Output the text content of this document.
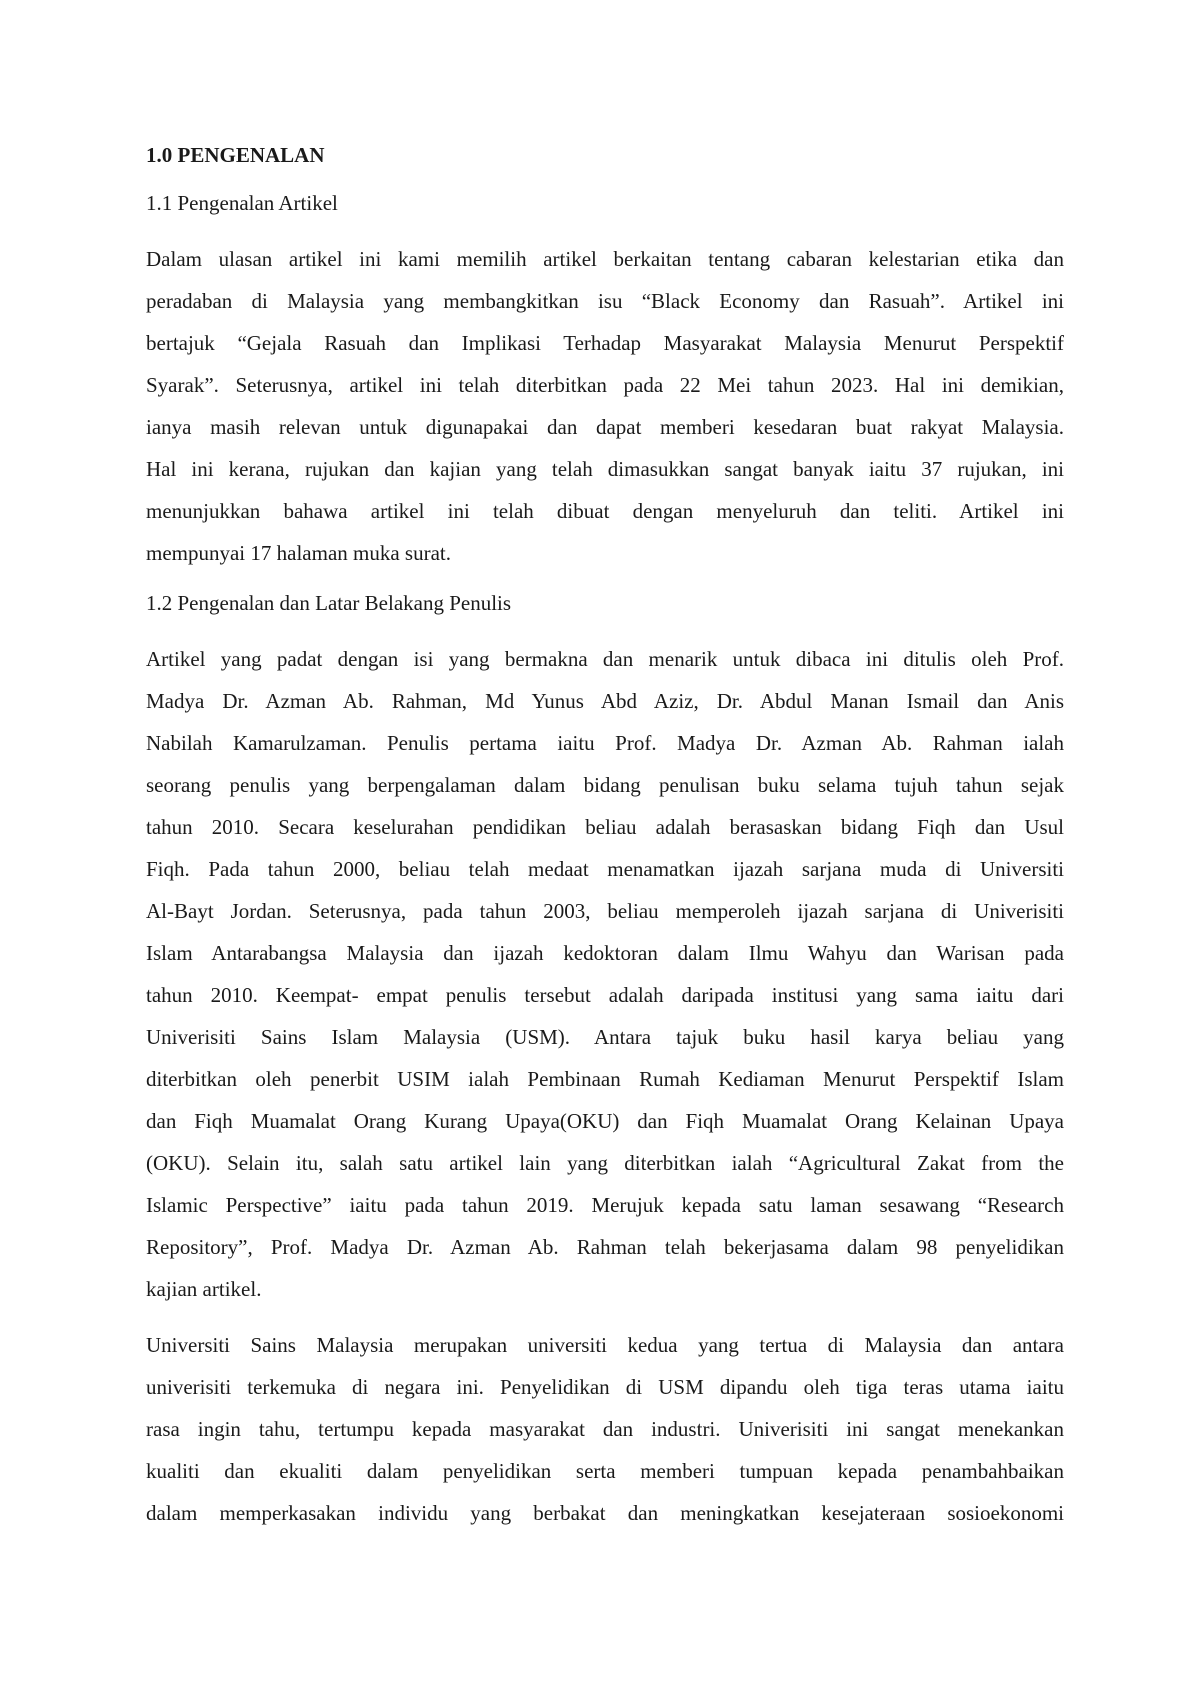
1.0 PENGENALAN
1.1 Pengenalan Artikel
Dalam ulasan artikel ini kami memilih artikel berkaitan tentang cabaran kelestarian etika dan
peradaban di Malaysia yang membangkitkan isu “Black Economy dan Rasuah”. Artikel ini
bertajuk “Gejala Rasuah dan Implikasi Terhadap Masyarakat Malaysia Menurut Perspektif
Syarak”. Seterusnya, artikel ini telah diterbitkan pada 22 Mei tahun 2023. Hal ini demikian,
ianya masih relevan untuk digunapakai dan dapat memberi kesedaran buat rakyat Malaysia.
Hal ini kerana, rujukan dan kajian yang telah dimasukkan sangat banyak iaitu 37 rujukan, ini
menunjukkan bahawa artikel ini telah dibuat dengan menyeluruh dan teliti. Artikel ini
mempunyai 17 halaman muka surat.
1.2 Pengenalan dan Latar Belakang Penulis
Artikel yang padat dengan isi yang bermakna dan menarik untuk dibaca ini ditulis oleh Prof.
Madya Dr. Azman Ab. Rahman, Md Yunus Abd Aziz, Dr. Abdul Manan Ismail dan Anis
Nabilah Kamarulzaman. Penulis pertama iaitu Prof. Madya Dr. Azman Ab. Rahman ialah
seorang penulis yang berpengalaman dalam bidang penulisan buku selama tujuh tahun sejak
tahun 2010. Secara keselurahan pendidikan beliau adalah berasaskan bidang Fiqh dan Usul
Fiqh. Pada tahun 2000, beliau telah medaat menamatkan ijazah sarjana muda di Universiti
Al-Bayt Jordan. Seterusnya, pada tahun 2003, beliau memperoleh ijazah sarjana di Univerisiti
Islam Antarabangsa Malaysia dan ijazah kedoktoran dalam Ilmu Wahyu dan Warisan pada
tahun 2010. Keempat- empat penulis tersebut adalah daripada institusi yang sama iaitu dari
Univerisiti Sains Islam Malaysia (USM). Antara tajuk buku hasil karya beliau yang
diterbitkan oleh penerbit USIM ialah Pembinaan Rumah Kediaman Menurut Perspektif Islam
dan Fiqh Muamalat Orang Kurang Upaya(OKU) dan Fiqh Muamalat Orang Kelainan Upaya
(OKU). Selain itu, salah satu artikel lain yang diterbitkan ialah “Agricultural Zakat from the
Islamic Perspective” iaitu pada tahun 2019. Merujuk kepada satu laman sesawang “Research
Repository”, Prof. Madya Dr. Azman Ab. Rahman telah bekerjasama dalam 98 penyelidikan
kajian artikel.
Universiti Sains Malaysia merupakan universiti kedua yang tertua di Malaysia dan antara
univerisiti terkemuka di negara ini. Penyelidikan di USM dipandu oleh tiga teras utama iaitu
rasa ingin tahu, tertumpu kepada masyarakat dan industri. Univerisiti ini sangat menekankan
kualiti dan ekualiti dalam penyelidikan serta memberi tumpuan kepada penambahbaikan
dalam memperkasakan individu yang berbakat dan meningkatkan kesejateraan sosioekonomi
